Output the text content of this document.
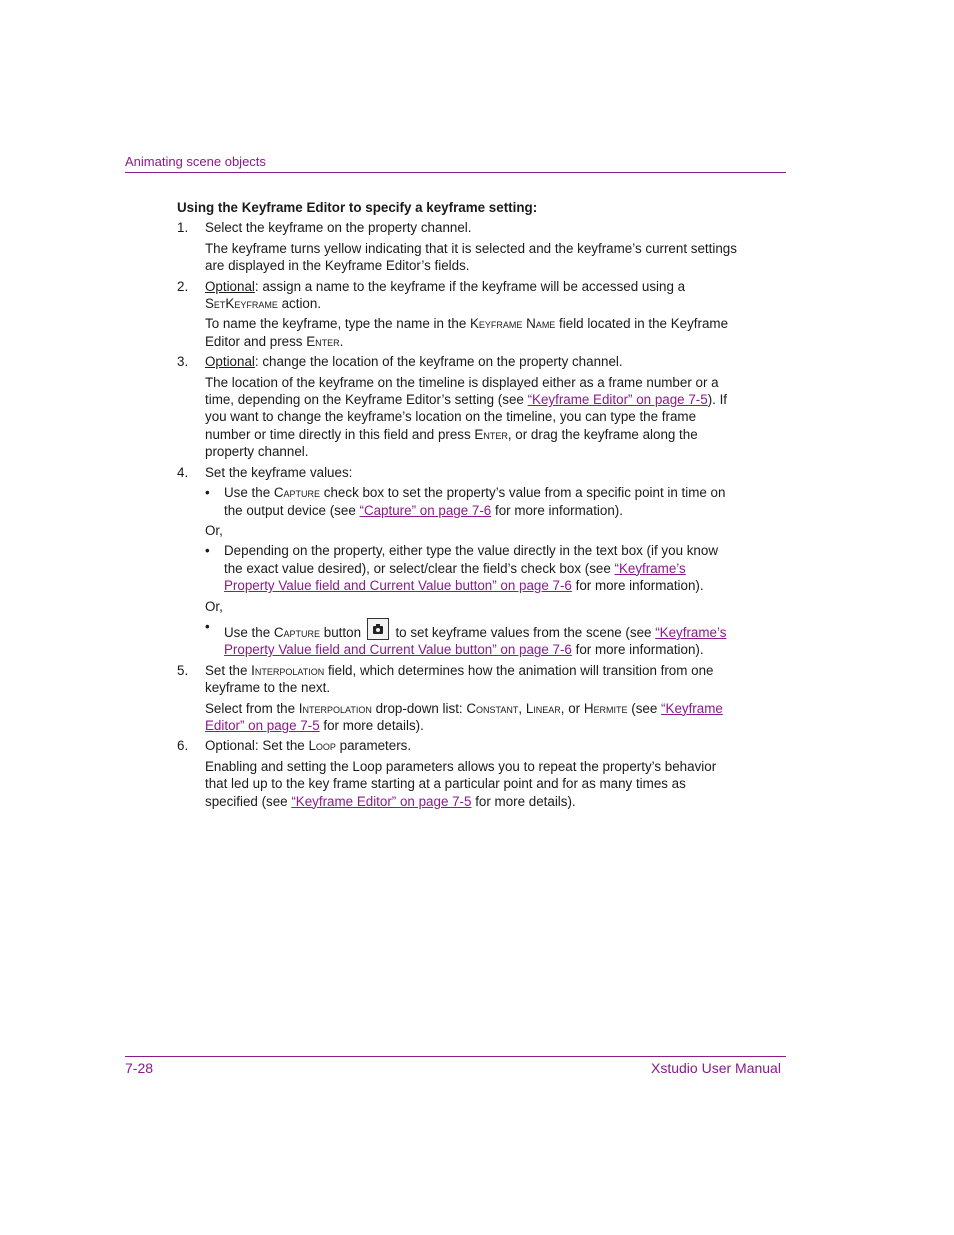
Animating scene objects
Using the Keyframe Editor to specify a keyframe setting:
1. Select the keyframe on the property channel.
The keyframe turns yellow indicating that it is selected and the keyframe’s current settings are displayed in the Keyframe Editor’s fields.
2. Optional: assign a name to the keyframe if the keyframe will be accessed using a SetKeyframe action.
To name the keyframe, type the name in the Keyframe Name field located in the Keyframe Editor and press Enter.
3. Optional: change the location of the keyframe on the property channel.
The location of the keyframe on the timeline is displayed either as a frame number or a time, depending on the Keyframe Editor’s setting (see “Keyframe Editor” on page 7-5). If you want to change the keyframe’s location on the timeline, you can type the frame number or time directly in this field and press Enter, or drag the keyframe along the property channel.
4. Set the keyframe values:
• Use the Capture check box to set the property’s value from a specific point in time on the output device (see “Capture” on page 7-6 for more information).
Or,
• Depending on the property, either type the value directly in the text box (if you know the exact value desired), or select/clear the field’s check box (see “Keyframe’s Property Value field and Current Value button” on page 7-6 for more information).
Or,
• Use the Capture button
to set keyframe values from the scene (see “Keyframe’s Property Value field and Current Value button” on page 7-6 for more information).
5. Set the Interpolation field, which determines how the animation will transition from one keyframe to the next.
Select from the Interpolation drop-down list: Constant, Linear, or Hermite (see “Keyframe Editor” on page 7-5 for more details).
6. Optional: Set the Loop parameters.
Enabling and setting the Loop parameters allows you to repeat the property’s behavior that led up to the key frame starting at a particular point and for as many times as specified (see “Keyframe Editor” on page 7-5 for more details).
7-28	Xstudio User Manual
